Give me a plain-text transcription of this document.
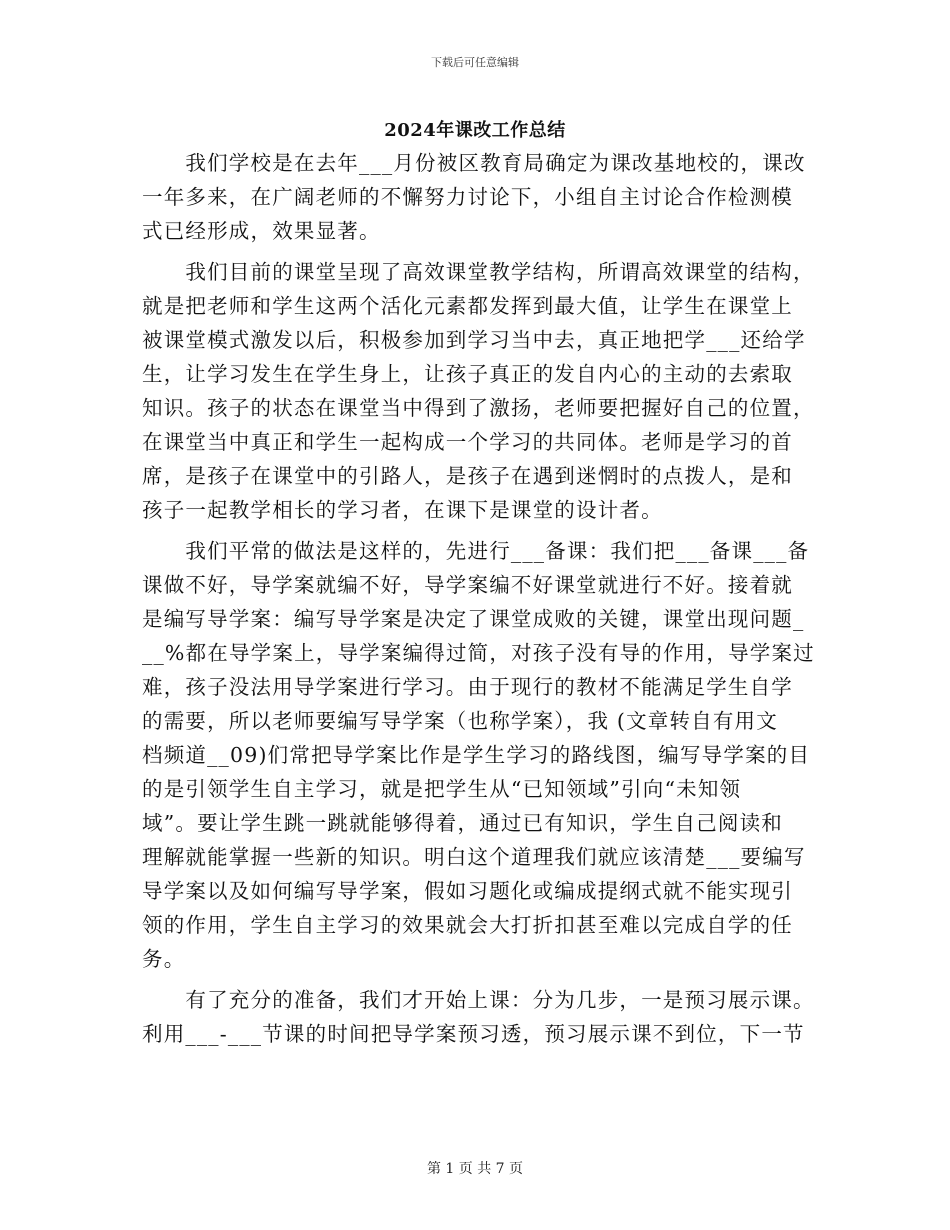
下载后可任意编辑
2024年课改工作总结
　　我们学校是在去年___月份被区教育局确定为课改基地校的，课改
一年多来，在广阔老师的不懈努力讨论下，小组自主讨论合作检测模
式已经形成，效果显著。
　　我们目前的课堂呈现了高效课堂教学结构，所谓高效课堂的结构，
就是把老师和学生这两个活化元素都发挥到最大值，让学生在课堂上
被课堂模式激发以后，积极参加到学习当中去，真正地把学___还给学
生，让学习发生在学生身上，让孩子真正的发自内心的主动的去索取
知识。孩子的状态在课堂当中得到了激扬，老师要把握好自己的位置，
在课堂当中真正和学生一起构成一个学习的共同体。老师是学习的首
席，是孩子在课堂中的引路人，是孩子在遇到迷惘时的点拨人，是和
孩子一起教学相长的学习者，在课下是课堂的设计者。
　　我们平常的做法是这样的，先进行___备课：我们把___备课___备
课做不好，导学案就编不好，导学案编不好课堂就进行不好。接着就
是编写导学案：编写导学案是决定了课堂成败的关键，课堂出现问题_
__%都在导学案上，导学案编得过简，对孩子没有导的作用，导学案过
难，孩子没法用导学案进行学习。由于现行的教材不能满足学生自学
的需要，所以老师要编写导学案（也称学案），我 (文章转自有用文
档频道__09)们常把导学案比作是学生学习的路线图，编写导学案的目
的是引领学生自主学习，就是把学生从“已知领域”引向“未知领
域”。要让学生跳一跳就能够得着，通过已有知识，学生自己阅读和
理解就能掌握一些新的知识。明白这个道理我们就应该清楚___要编写
导学案以及如何编写导学案，假如习题化或编成提纲式就不能实现引
领的作用，学生自主学习的效果就会大打折扣甚至难以完成自学的任
务。
　　有了充分的准备，我们才开始上课：分为几步，一是预习展示课。
利用___-___节课的时间把导学案预习透，预习展示课不到位，下一节
第 1 页 共 7 页
